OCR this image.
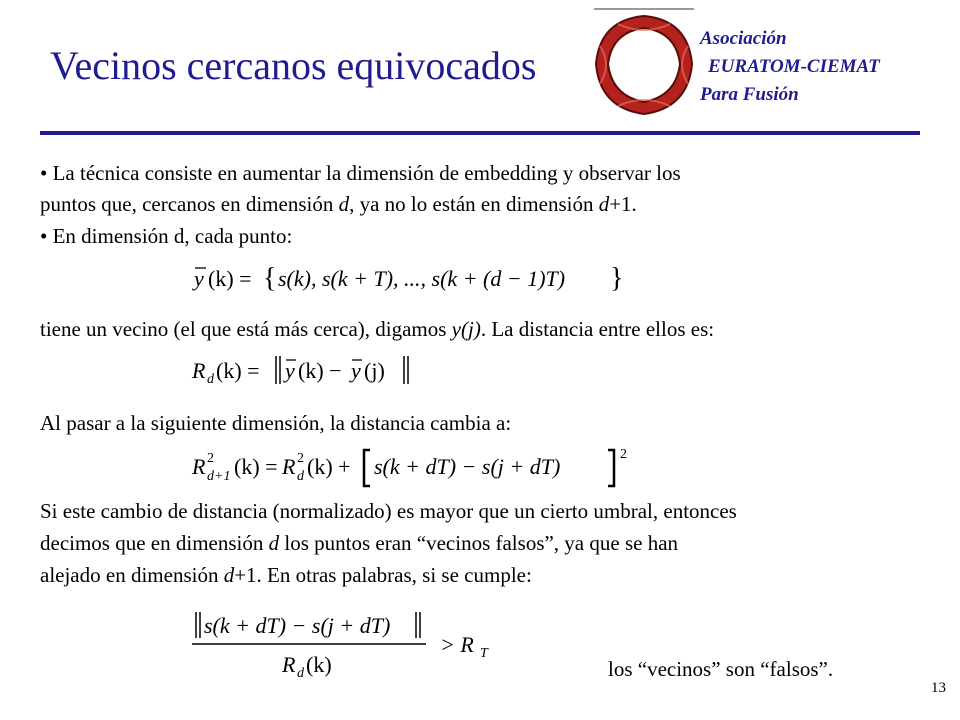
Vecinos cercanos equivocados
Asociación
EURATOM-CIEMAT
Para Fusión
• La técnica consiste en aumentar la dimensión de embedding y observar los
puntos que, cercanos en dimensión d, ya no lo están en dimensión d+1.
• En dimensión d, cada punto:
y (k) = { s(k), s(k + T), ..., s(k + (d − 1)T) }
tiene un vecino (el que está más cerca), digamos y(j). La distancia entre ellos es:
R d (k) = y (k) − y (j)
Al pasar a la siguiente dimensión, la distancia cambia a:
R 2
d+1 (k) = R 2
d (k) + s(k + dT) − s(j + dT)	2
Si este cambio de distancia (normalizado) es mayor que un cierto umbral, entonces
decimos que en dimensión d los puntos eran “vecinos falsos”, ya que se han
alejado en dimensión d+1. En otras palabras, si se cumple:
s(k + dT) − s(j + dT)
R d (k)
> R T
los “vecinos” son “falsos”.
13
